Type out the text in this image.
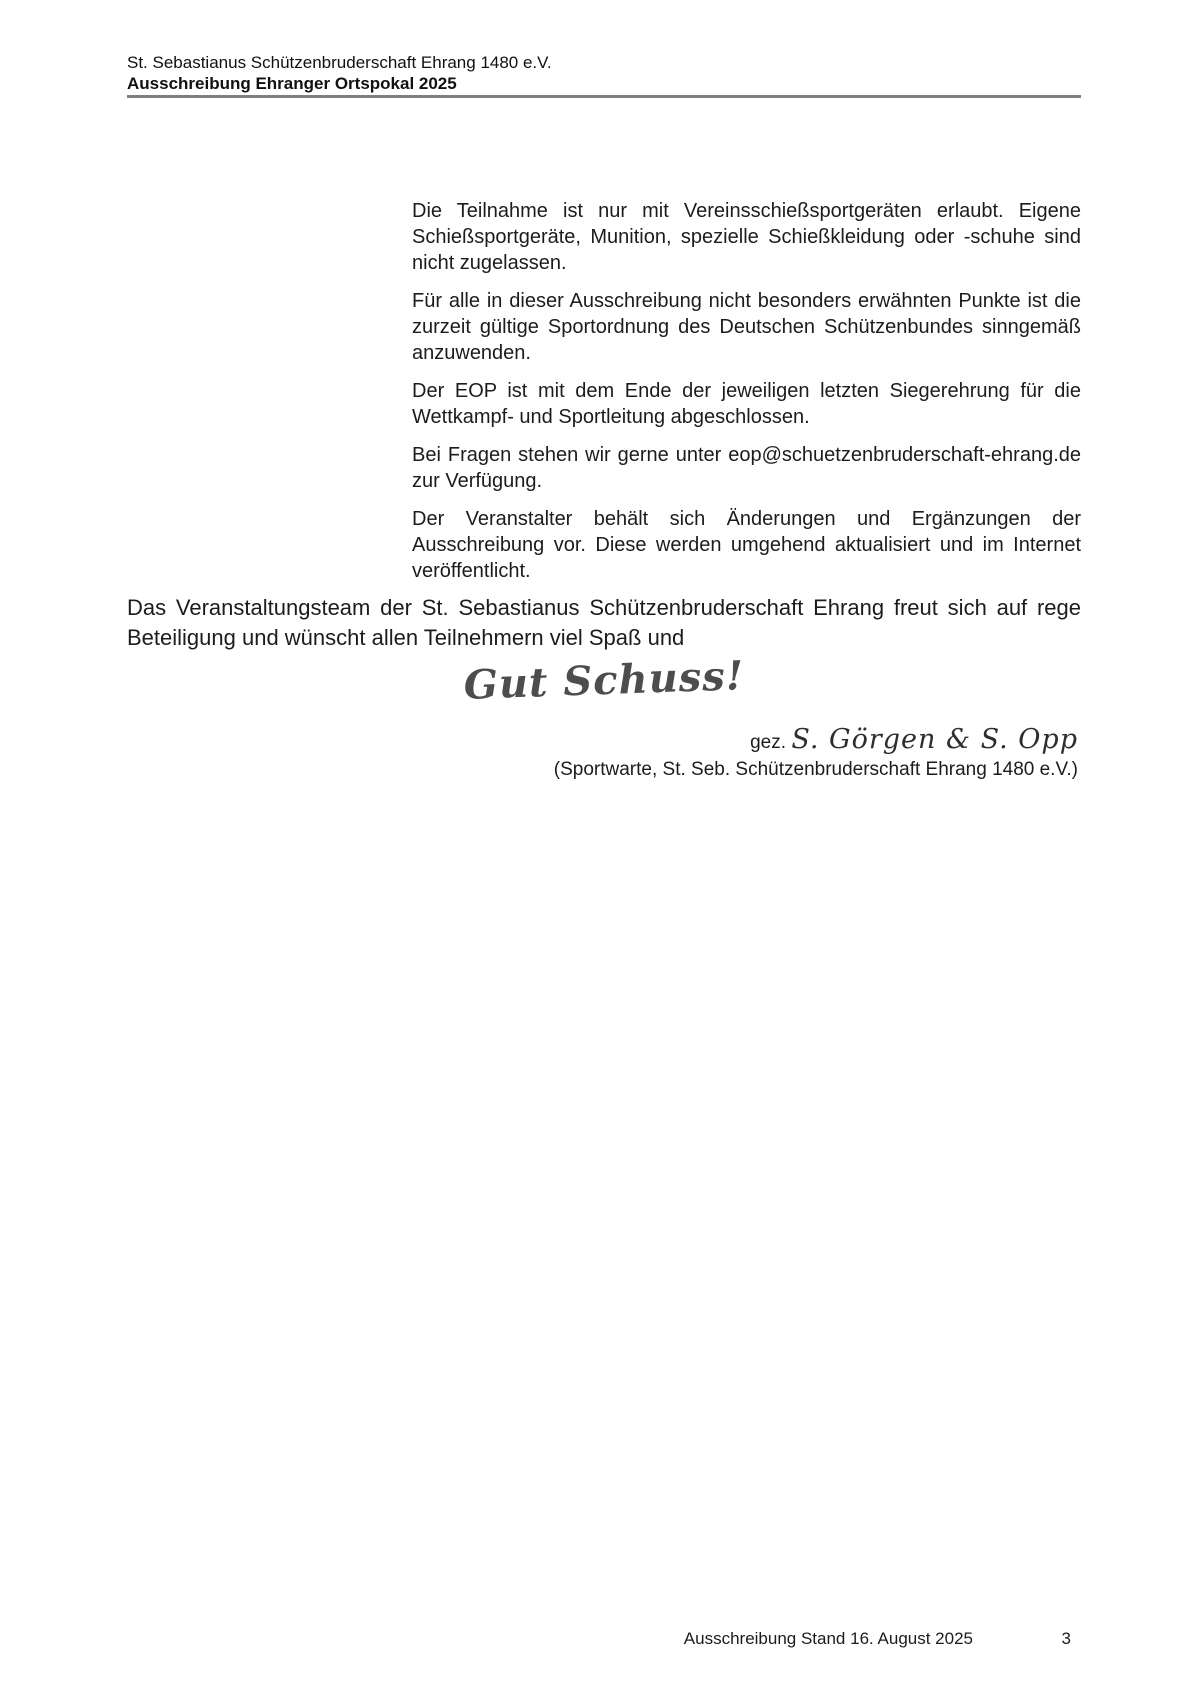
St. Sebastianus Schützenbruderschaft Ehrang 1480 e.V.
Ausschreibung Ehranger Ortspokal 2025
Die Teilnahme ist nur mit Vereinsschießsportgeräten erlaubt. Eigene Schießsportgeräte, Munition, spezielle Schießkleidung oder -schuhe sind nicht zugelassen.
Für alle in dieser Ausschreibung nicht besonders erwähnten Punkte ist die zurzeit gültige Sportordnung des Deutschen Schützenbundes sinngemäß anzuwenden.
Der EOP ist mit dem Ende der jeweiligen letzten Siegerehrung für die Wettkampf- und Sportleitung abgeschlossen.
Bei Fragen stehen wir gerne unter eop@schuetzenbruderschaft-ehrang.de zur Verfügung.
Der Veranstalter behält sich Änderungen und Ergänzungen der Ausschreibung vor. Diese werden umgehend aktualisiert und im Internet veröffentlicht.
Das Veranstaltungsteam der St. Sebastianus Schützenbruderschaft Ehrang freut sich auf rege Beteiligung und wünscht allen Teilnehmern viel Spaß und
Gut Schuss!
gez. S. Görgen & S. Opp
(Sportwarte, St. Seb. Schützenbruderschaft Ehrang 1480 e.V.)
Ausschreibung Stand 16. August 2025	3
